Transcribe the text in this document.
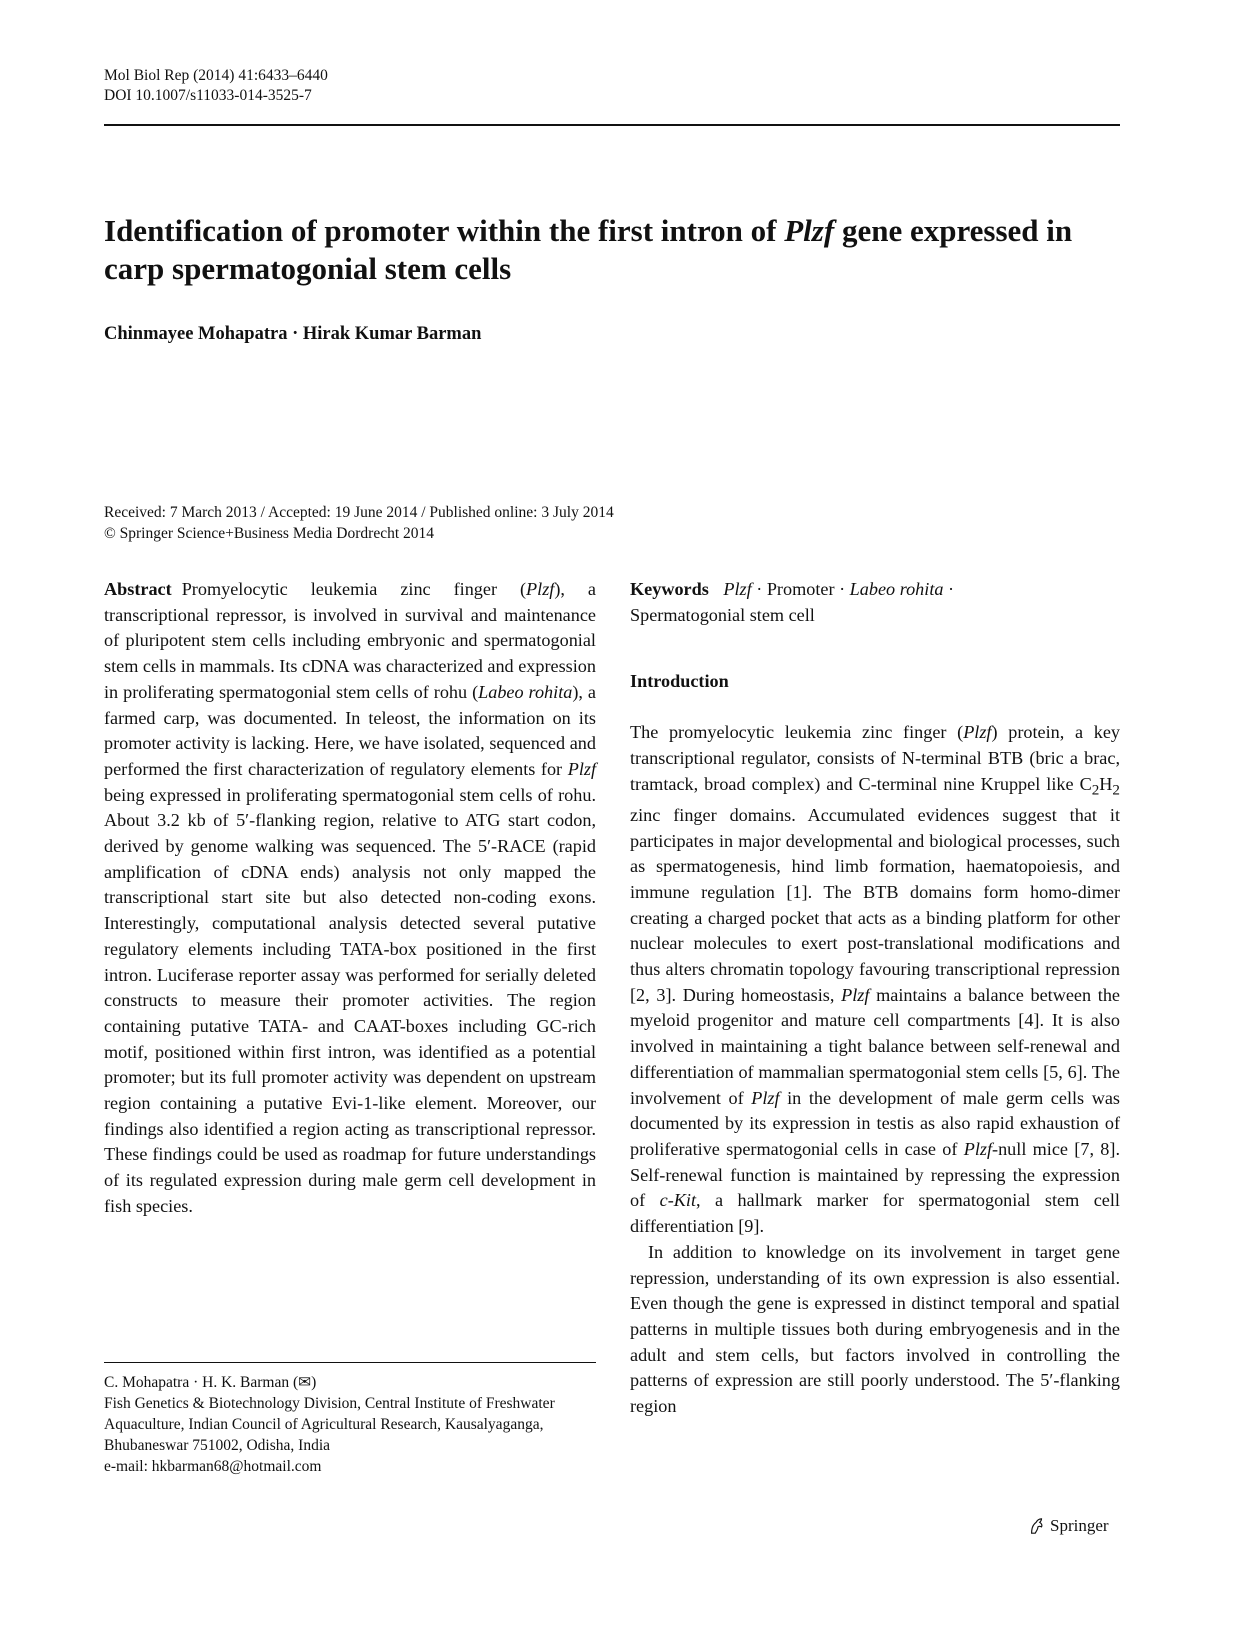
Mol Biol Rep (2014) 41:6433–6440
DOI 10.1007/s11033-014-3525-7
Identification of promoter within the first intron of Plzf gene expressed in carp spermatogonial stem cells
Chinmayee Mohapatra · Hirak Kumar Barman
Received: 7 March 2013 / Accepted: 19 June 2014 / Published online: 3 July 2014
© Springer Science+Business Media Dordrecht 2014

Abstract Promyelocytic leukemia zinc finger (Plzf), a transcriptional repressor, is involved in survival and maintenance of pluripotent stem cells including embryonic and spermatogonial stem cells in mammals. Its cDNA was characterized and expression in proliferating spermatogonial stem cells of rohu (Labeo rohita), a farmed carp, was documented. In teleost, the information on its promoter activity is lacking. Here, we have isolated, sequenced and performed the first characterization of regulatory elements for Plzf being expressed in proliferating spermatogonial stem cells of rohu. About 3.2 kb of 5′-flanking region, relative to ATG start codon, derived by genome walking was sequenced. The 5′-RACE (rapid amplification of cDNA ends) analysis not only mapped the transcriptional start site but also detected non-coding exons. Interestingly, computational analysis detected several putative regulatory elements including TATA-box positioned in the first intron. Luciferase reporter assay was performed for serially deleted constructs to measure their promoter activities. The region containing putative TATA- and CAAT-boxes including GC-rich motif, positioned within first intron, was identified as a potential promoter; but its full promoter activity was dependent on upstream region containing a putative Evi-1-like element. Moreover, our findings also identified a region acting as transcriptional repressor. These findings could be used as roadmap for future understandings of its regulated expression during male germ cell development in fish species.

Keywords Plzf · Promoter · Labeo rohita ·
Spermatogonial stem cell

Introduction

The promyelocytic leukemia zinc finger (Plzf) protein, a key transcriptional regulator, consists of N-terminal BTB (bric a brac, tramtack, broad complex) and C-terminal nine Kruppel like $C_2H_2$ zinc finger domains. Accumulated evidences suggest that it participates in major developmental and biological processes, such as spermatogenesis, hind limb formation, haematopoiesis, and immune regulation [1]. The BTB domains form homo-dimer creating a charged pocket that acts as a binding platform for other nuclear molecules to exert post-translational modifications and thus alters chromatin topology favouring transcriptional repression [2, 3]. During homeostasis, Plzf maintains a balance between the myeloid progenitor and mature cell compartments [4]. It is also involved in maintaining a tight balance between self-renewal and differentiation of mammalian spermatogonial stem cells [5, 6]. The involvement of Plzf in the development of male germ cells was documented by its expression in testis as also rapid exhaustion of proliferative spermatogonial cells in case of Plzf-null mice [7, 8]. Self-renewal function is maintained by repressing the expression of c-Kit, a hallmark marker for spermatogonial stem cell differentiation [9].

In addition to knowledge on its involvement in target gene repression, understanding of its own expression is also essential. Even though the gene is expressed in distinct temporal and spatial patterns in multiple tissues both during embryogenesis and in the adult and stem cells, but factors involved in controlling the patterns of expression are still poorly understood. The 5′-flanking region

C. Mohapatra · H. K. Barman (✉)
Fish Genetics & Biotechnology Division, Central Institute of Freshwater Aquaculture, Indian Council of Agricultural Research, Kausalyaganga, Bhubaneswar 751002, Odisha, India
e-mail: hkbarman68@hotmail.com
Springer
